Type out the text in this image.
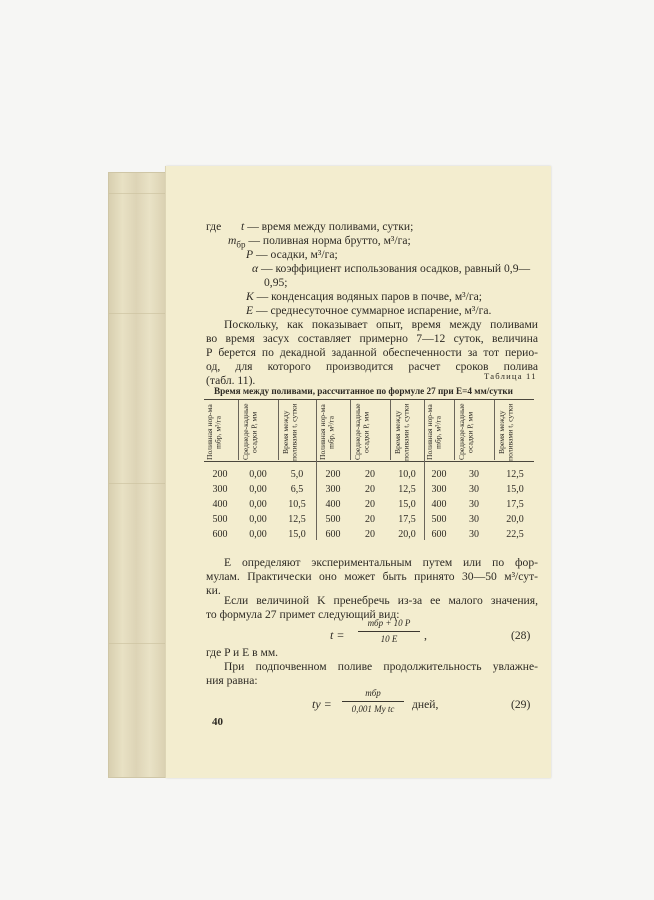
где t — время между поливами, сутки;
$m_{бр}$ — поливная норма брутто, м³/га;
P — осадки, м³/га;
α — коэффициент использования осадков, равный 0,9—
0,95;
K — конденсация водяных паров в почве, м³/га;
E — среднесуточное суммарное испарение, м³/га.
Поскольку, как показывает опыт, время между поливами
во время засух составляет примерно 7—12 суток, величина
Р берется по декадной заданной обеспеченности за тот перио-
од, для которого производится расчет сроков полива
(табл. 11).	Таблица 11
Время между поливами, рассчитанное по формуле 27 при E=4 мм/сутки
Поливная нор-ма mбр, м³/га	Среднеде-кадные осадки P, мм	Время между поливами t, сутки	Поливная нор-ма mбр, м³/га	Среднеде-кадные осадки P, мм	Время между поливами t, сутки	Поливная нор-ма mбр, м³/га	Среднеде-кадные осадки P, мм	Время между поливами t, сутки
200	0,00	5,0	200	20	10,0	200	30	12,5
300	0,00	6,5	300	20	12,5	300	30	15,0
400	0,00	10,5	400	20	15,0	400	30	17,5
500	0,00	12,5	500	20	17,5	500	30	20,0
600	0,00	15,0	600	20	20,0	600	30	22,5
E определяют экспериментальным путем или по фор-
мулам. Практически оно может быть принято 30—50 м³/сут-
ки.
Если величиной K пренебречь из-за ее малого значения,
то формула 27 примет следующий вид:
t =
mбр + 10 P
10 E	,	(28)
где P и E в мм.
При подпочвенном поливе продолжительность увлажне-
ния равна:
tу =
mбр
0,001 Mу tс	дней,	(29)
40
